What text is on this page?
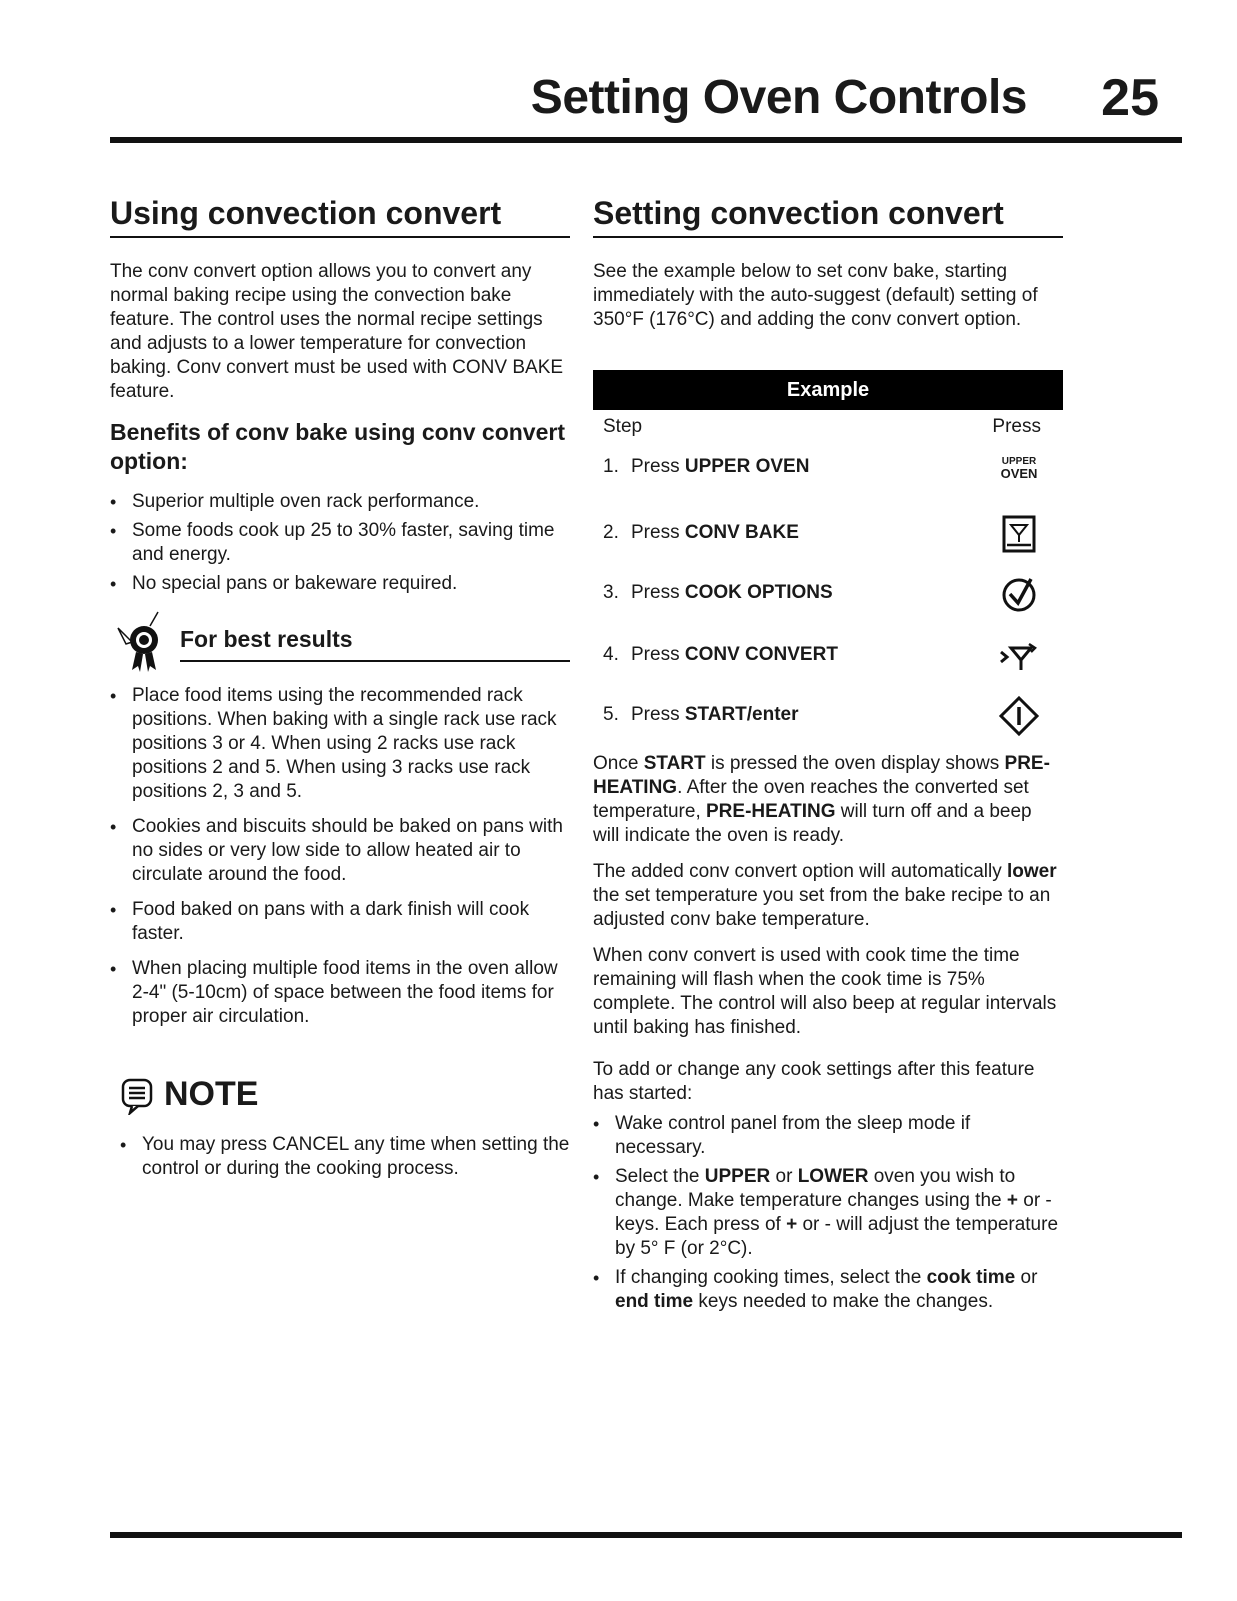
Setting Oven Controls 25
Using convection convert

The conv convert option allows you to convert any normal baking recipe using the convection bake feature. The control uses the normal recipe settings and adjusts to a lower temperature for convection baking. Conv convert must be used with CONV BAKE feature.

Benefits of conv bake using conv convert option:
• Superior multiple oven rack performance.
• Some foods cook up 25 to 30% faster, saving time and energy.
• No special pans or bakeware required.
For best results
• Place food items using the recommended rack positions. When baking with a single rack use rack positions 3 or 4. When using 2 racks use rack positions 2 and 5. When using 3 racks use rack positions 2, 3 and 5.
• Cookies and biscuits should be baked on pans with no sides or very low side to allow heated air to circulate around the food.
• Food baked on pans with a dark finish will cook faster.
• When placing multiple food items in the oven allow 2-4" (5-10cm) of space between the food items for proper air circulation.
NOTE
• You may press CANCEL any time when setting the control or during the cooking process.
Setting convection convert

See the example below to set conv bake, starting immediately with the auto-suggest (default) setting of 350°F (176°C) and adding the conv convert option.

Example
Step	Press
1. Press UPPER OVEN	UPPER
OVEN
2. Press CONV BAKE
3. Press COOK OPTIONS
4. Press CONV CONVERT
5. Press START/enter

Once START is pressed the oven display shows PRE-HEATING. After the oven reaches the converted set temperature, PRE-HEATING will turn off and a beep will indicate the oven is ready.

The added conv convert option will automatically lower the set temperature you set from the bake recipe to an adjusted conv bake temperature.

When conv convert is used with cook time the time remaining will flash when the cook time is 75% complete. The control will also beep at regular intervals until baking has finished.

To add or change any cook settings after this feature has started:

• Wake control panel from the sleep mode if necessary.
• Select the UPPER or LOWER oven you wish to change. Make temperature changes using the + or - keys. Each press of + or - will adjust the temperature by 5° F (or 2°C).
• If changing cooking times, select the cook time or end time keys needed to make the changes.
